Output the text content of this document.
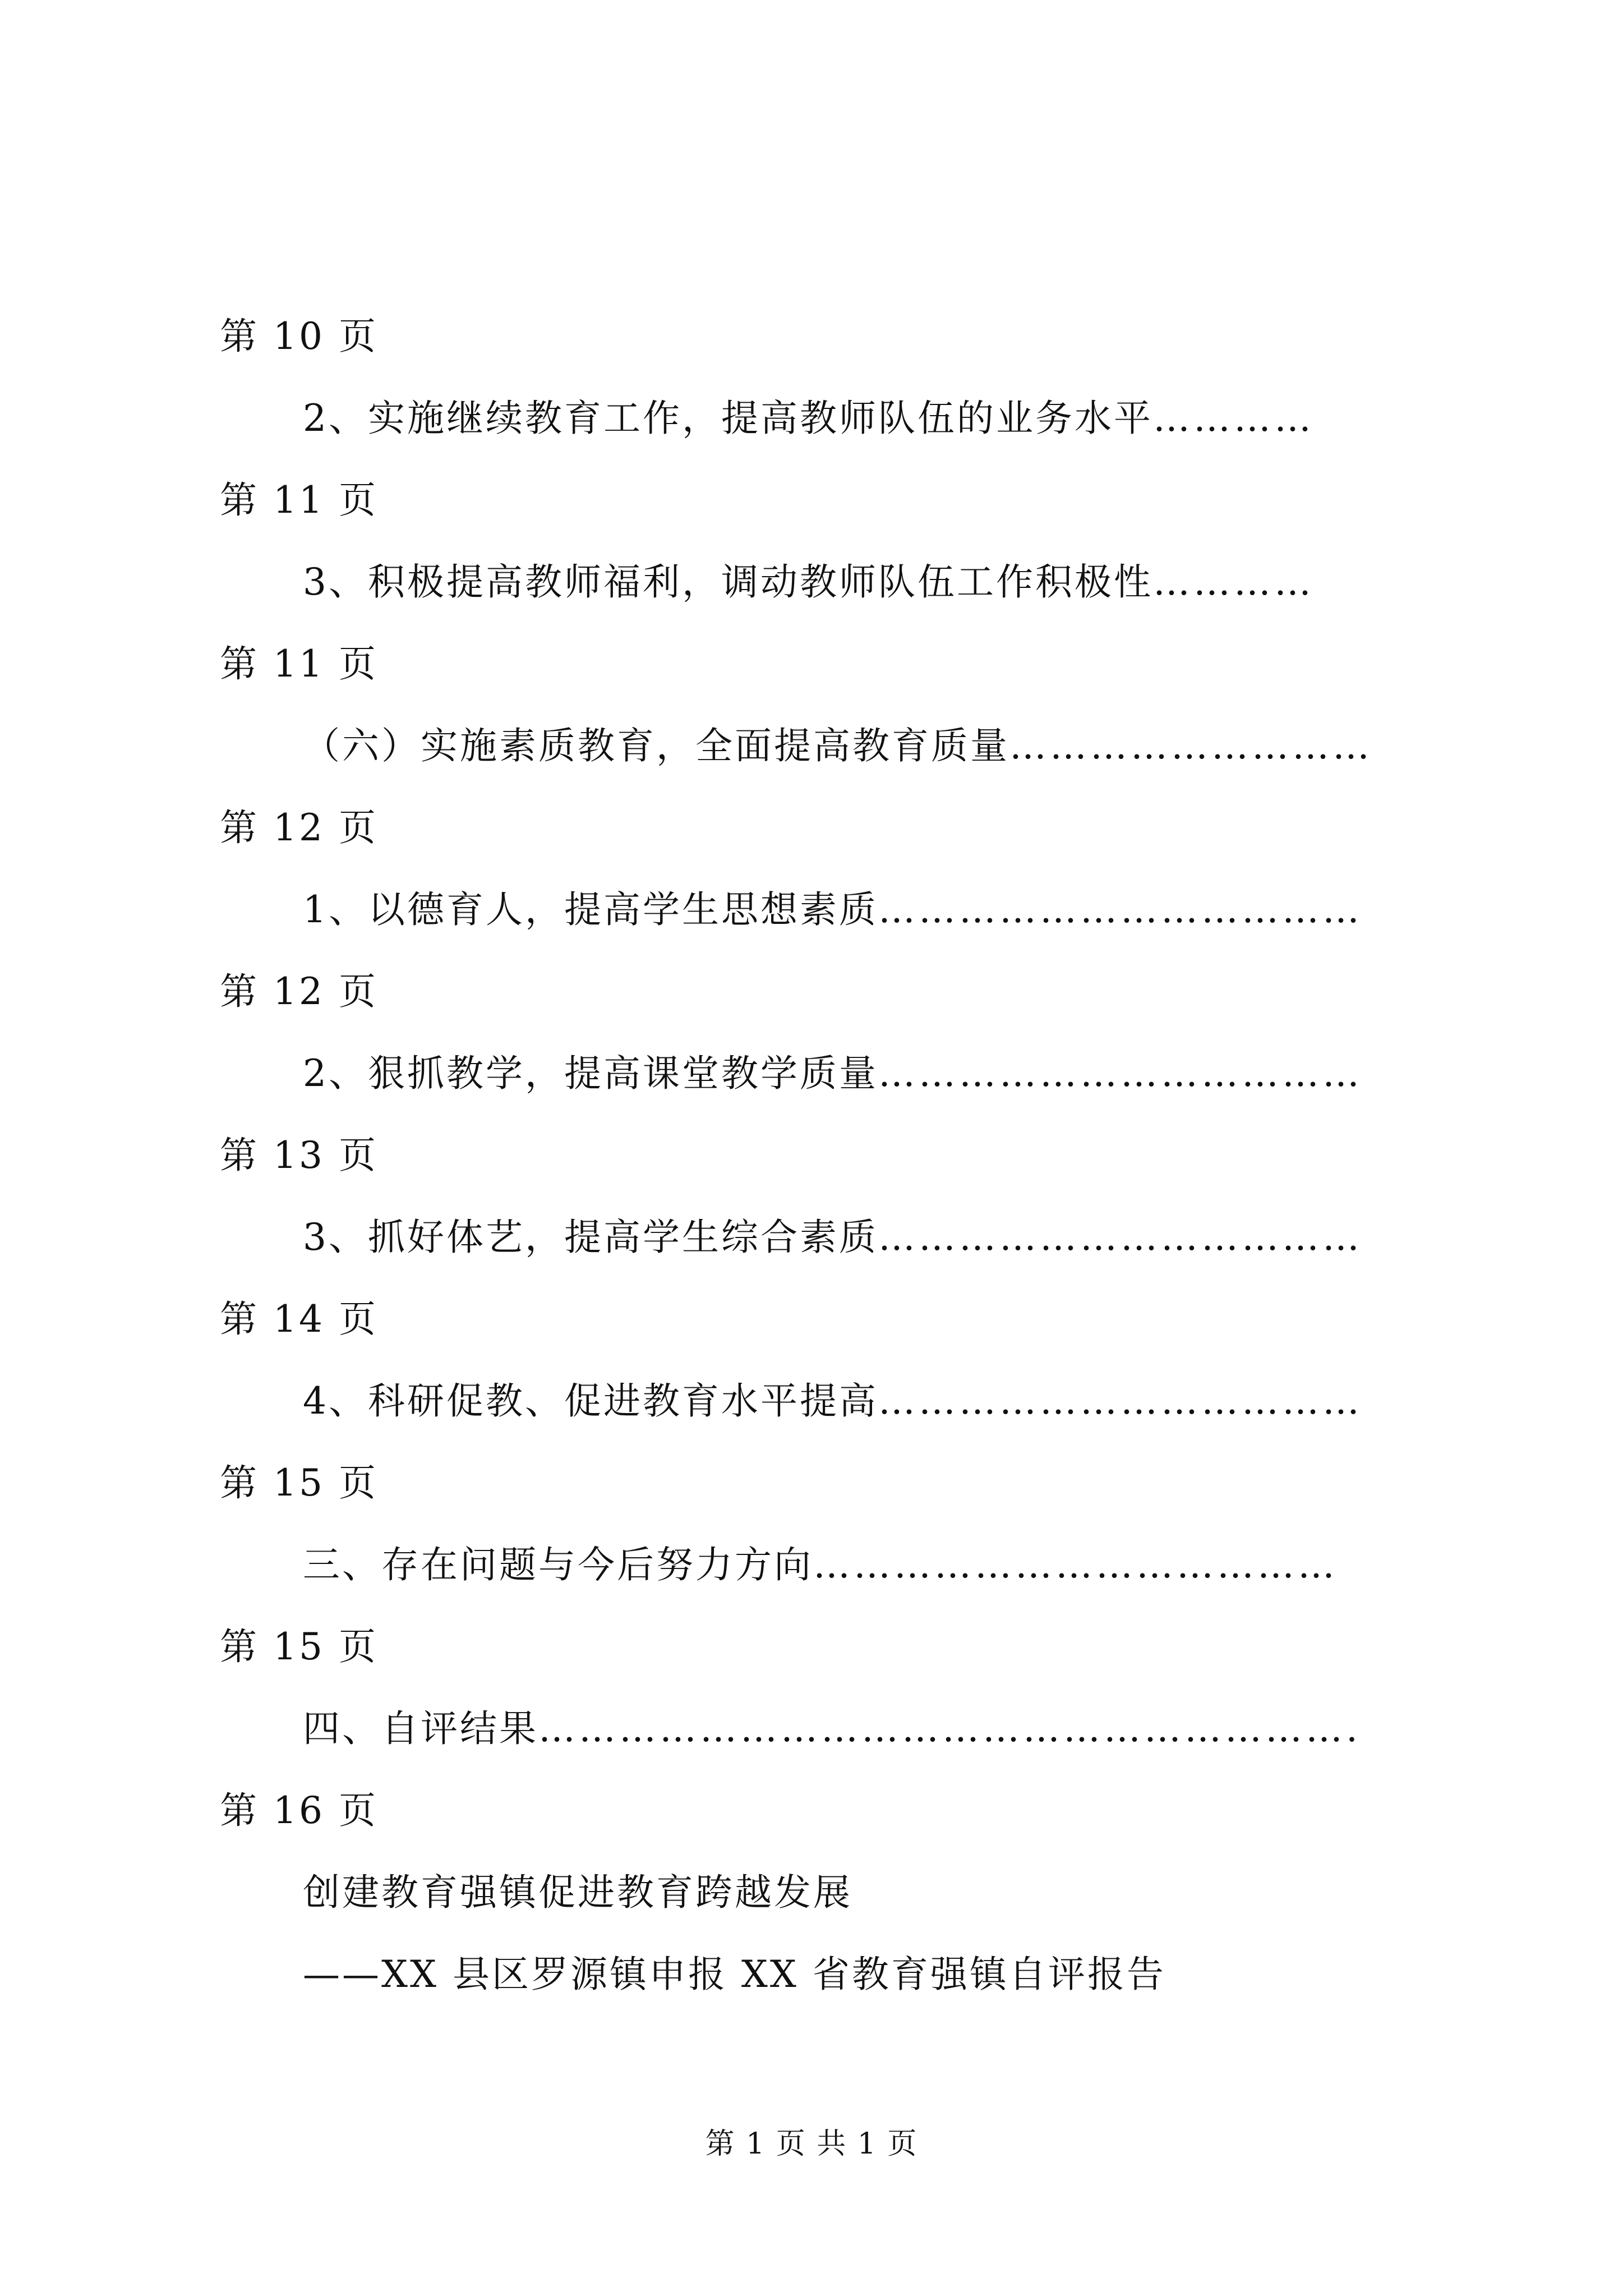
第 10 页
2、实施继续教育工作，提高教师队伍的业务水平 …………
第 11 页
3、积极提高教师福利，调动教师队伍工作积极性 …………
第 11 页
（六）实施素质教育，全面提高教育质量 ………………………
第 12 页
1、以德育人，提高学生思想素质 ………………………………
第 12 页
2、狠抓教学，提高课堂教学质量 ………………………………
第 13 页
3、抓好体艺，提高学生综合素质 ………………………………
第 14 页
4、科研促教、促进教育水平提高 ………………………………
第 15 页
三、存在问题与今后努力方向 …………………………………
第 15 页
四、自评结果 …………………………………………………….
第 16 页
创建教育强镇促进教育跨越发展
——XX 县区罗源镇申报 XX 省教育强镇自评报告
第 1 页 共 1 页
